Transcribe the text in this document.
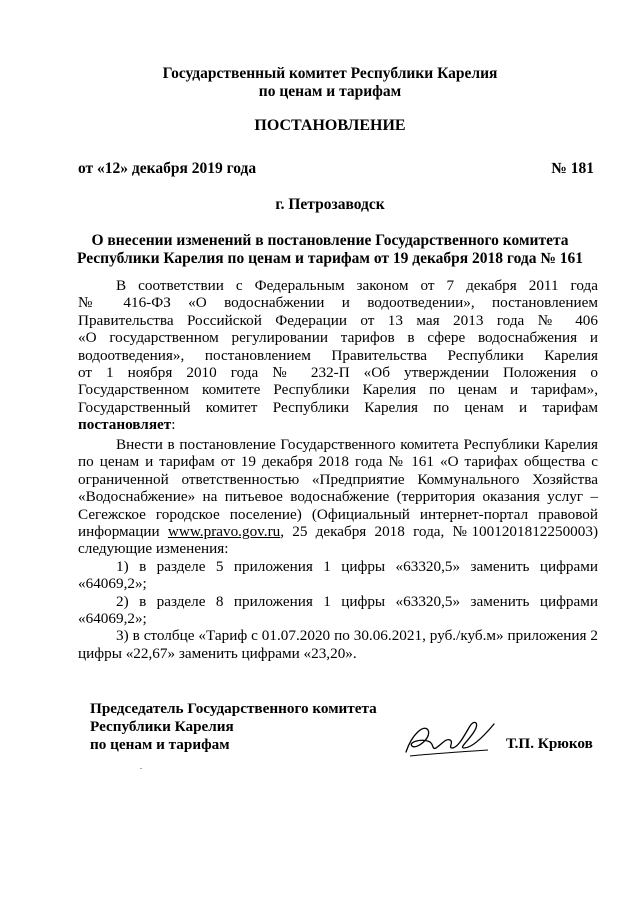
Государственный комитет Республики Карелия
по ценам и тарифам
ПОСТАНОВЛЕНИЕ
от «12» декабря 2019 года	№ 181
г. Петрозаводск
О внесении изменений в постановление Государственного комитета
Республики Карелия по ценам и тарифам от 19 декабря 2018 года № 161
В соответствии с Федеральным законом от 7 декабря 2011 года
№ 416-ФЗ «О водоснабжении и водоотведении», постановлением
Правительства Российской Федерации от 13 мая 2013 года № 406
«О государственном регулировании тарифов в сфере водоснабжения и
водоотведения», постановлением Правительства Республики Карелия
от 1 ноября 2010 года № 232-П «Об утверждении Положения о
Государственном комитете Республики Карелия по ценам и тарифам»,
Государственный комитет Республики Карелия по ценам и тарифам
постановляет:
Внести в постановление Государственного комитета Республики Карелия
по ценам и тарифам от 19 декабря 2018 года № 161 «О тарифах общества с
ограниченной ответственностью «Предприятие Коммунального Хозяйства
«Водоснабжение» на питьевое водоснабжение (территория оказания услуг –
Сегежское городское поселение) (Официальный интернет-портал правовой
информации www.pravo.gov.ru, 25 декабря 2018 года, №1001201812250003)
следующие изменения:
1) в разделе 5 приложения 1 цифры «63320,5» заменить цифрами
«64069,2»;
2) в разделе 8 приложения 1 цифры «63320,5» заменить цифрами
«64069,2»;
3) в столбце «Тариф с 01.07.2020 по 30.06.2021, руб./куб.м» приложения 2
цифры «22,67» заменить цифрами «23,20».
Председатель Государственного комитета
Республики Карелия
по ценам и тарифам	Т.П. Крюков
